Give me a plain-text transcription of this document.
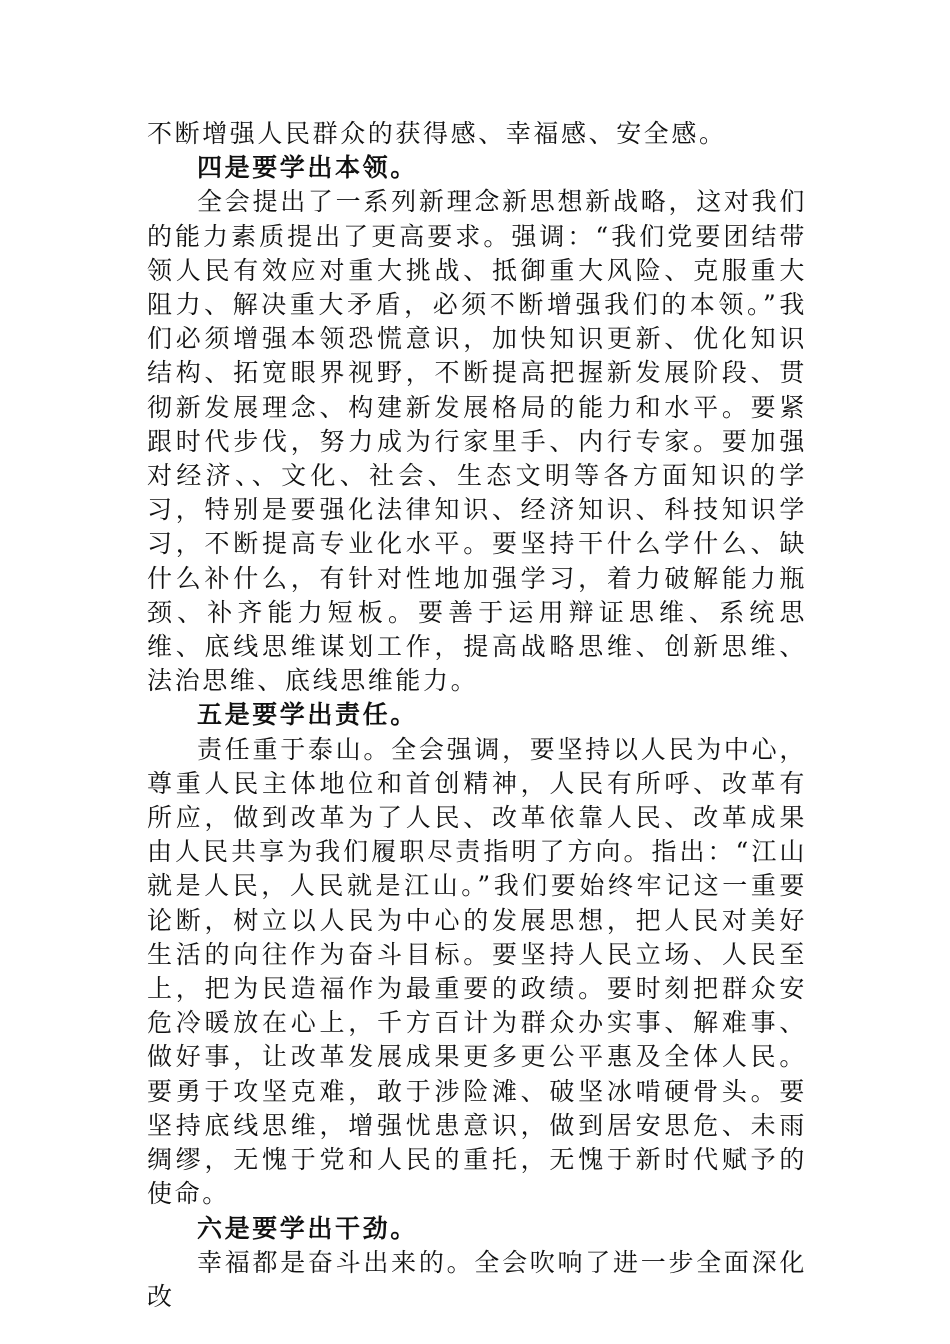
不断增强人民群众的获得感、幸福感、安全感。

四是要学出本领。

全会提出了一系列新理念新思想新战略，这对我们的能力素质提出了更高要求。强调：“我们党要团结带领人民有效应对重大挑战、抵御重大风险、克服重大阻力、解决重大矛盾，必须不断增强我们的本领。”我们必须增强本领恐慌意识，加快知识更新、优化知识结构、拓宽眼界视野，不断提高把握新发展阶段、贯彻新发展理念、构建新发展格局的能力和水平。要紧跟时代步伐，努力成为行家里手、内行专家。要加强对经济、、文化、社会、生态文明等各方面知识的学习，特别是要强化法律知识、经济知识、科技知识学习，不断提高专业化水平。要坚持干什么学什么、缺什么补什么，有针对性地加强学习，着力破解能力瓶颈、补齐能力短板。要善于运用辩证思维、系统思维、底线思维谋划工作，提高战略思维、创新思维、法治思维、底线思维能力。

五是要学出责任。

责任重于泰山。全会强调，要坚持以人民为中心，尊重人民主体地位和首创精神，人民有所呼、改革有所应，做到改革为了人民、改革依靠人民、改革成果由人民共享为我们履职尽责指明了方向。指出：“江山就是人民，人民就是江山。”我们要始终牢记这一重要论断，树立以人民为中心的发展思想，把人民对美好生活的向往作为奋斗目标。要坚持人民立场、人民至上，把为民造福作为最重要的政绩。要时刻把群众安危冷暖放在心上，千方百计为群众办实事、解难事、做好事，让改革发展成果更多更公平惠及全体人民。要勇于攻坚克难，敢于涉险滩、破坚冰啃硬骨头。要坚持底线思维，增强忧患意识，做到居安思危、未雨绸缪，无愧于党和人民的重托，无愧于新时代赋予的使命。

六是要学出干劲。

幸福都是奋斗出来的。全会吹响了进一步全面深化改
